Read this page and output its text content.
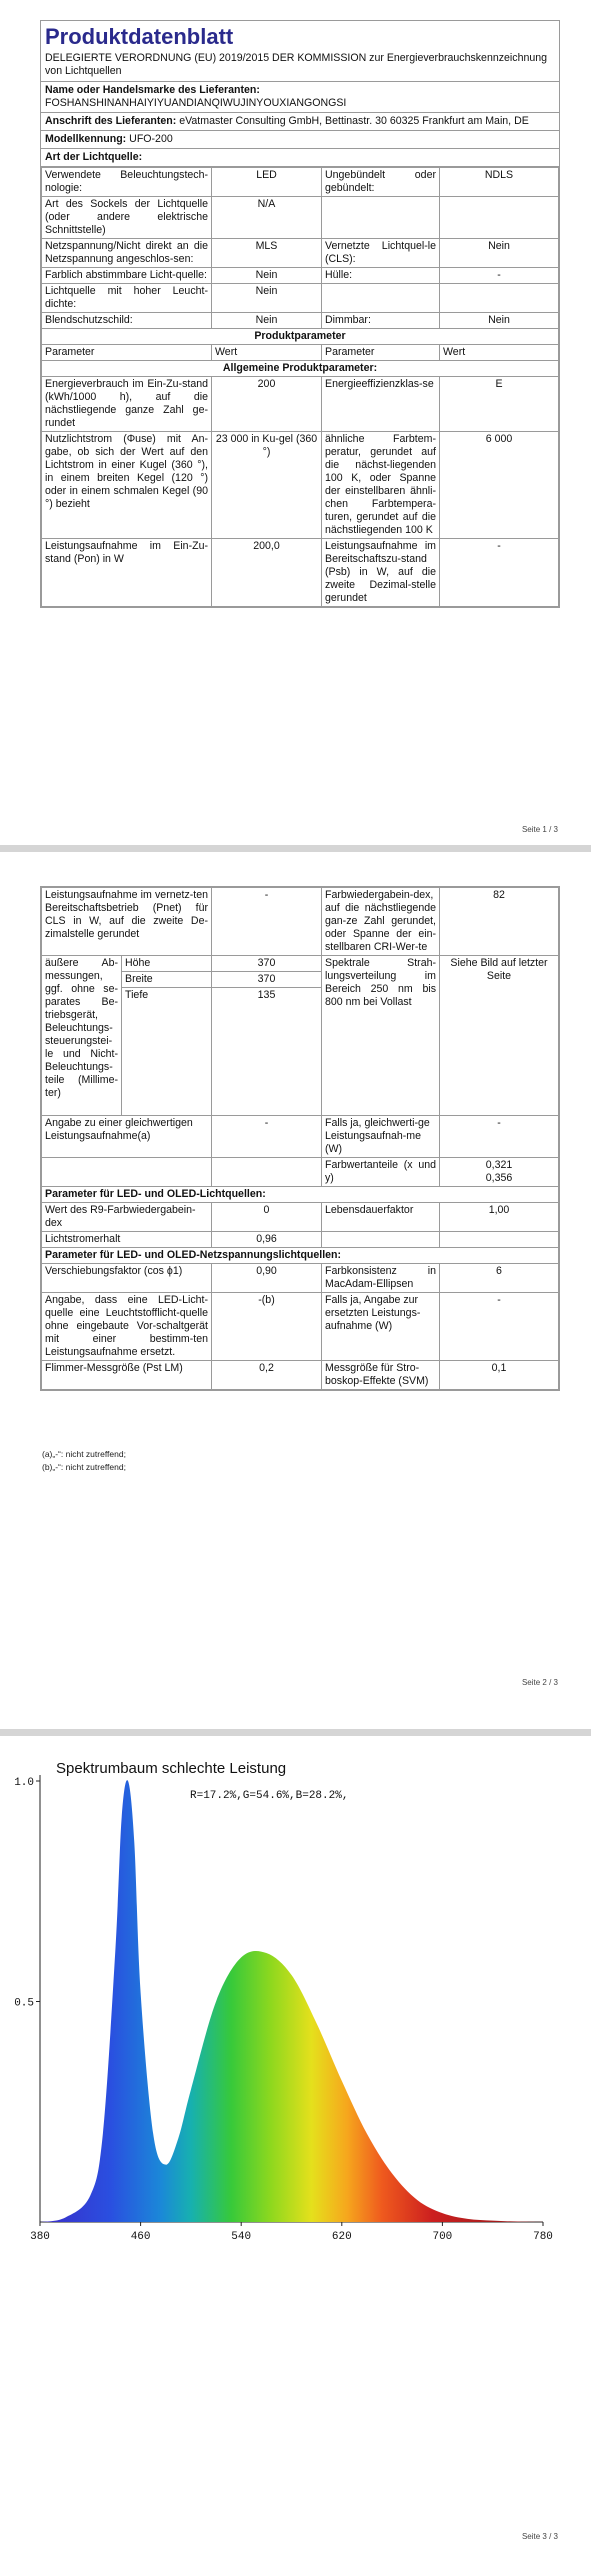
Produktdatenblatt
DELEGIERTE VERORDNUNG (EU) 2019/2015 DER KOMMISSION zur Energieverbrauchskennzeichnung von Lichtquellen
Name oder Handelsmarke des Lieferanten: FOSHANSHINANHAIYIYUANDIANQIWUJINYOUXIANGONGSI
Anschrift des Lieferanten: eVatmaster Consulting GmbH, Bettinastr. 30 60325 Frankfurt am Main, DE
Modellkennung: UFO-200
Art der Lichtquelle:
Verwendete Beleuchtungstech-nologie:	LED	Ungebündelt oder gebündelt:	NDLS
Art des Sockels der Lichtquelle (oder andere elektrische Schnittstelle)	N/A		
Netzspannung/Nicht direkt an die Netzspannung angeschlos-sen:	MLS	Vernetzte Lichtquel-le (CLS):	Nein
Farblich abstimmbare Licht-quelle:	Nein	Hülle:	-
Lichtquelle mit hoher Leucht-dichte:	Nein		
Blendschutzschild:	Nein	Dimmbar:	Nein
Produktparameter			
Parameter	Wert	Parameter	Wert
Allgemeine Produktparameter:			
Energieverbrauch im Ein-Zu-stand (kWh/1000 h), auf die nächstliegende ganze Zahl ge-rundet	200	Energieeffizienzklas-se	E
Nutzlichtstrom (Φuse) mit An-gabe, ob sich der Wert auf den Lichtstrom in einer Kugel (360 °), in einem breiten Kegel (120 °) oder in einem schmalen Kegel (90 °) bezieht	23 000 in Ku-gel (360 °)	ähnliche Farbtem-peratur, gerundet auf die nächst-liegenden 100 K, oder Spanne der einstellbaren ähnli-chen Farbtempera-turen, gerundet auf die nächstliegenden 100 K	6 000
Leistungsaufnahme im Ein-Zu-stand (Pon) in W	200,0	Leistungsaufnahme im Bereitschaftszu-stand (Psb) in W, auf die zweite Dezimal-stelle gerundet	-
Seite 1 / 3
Leistungsaufnahme im vernetz-ten Bereitschaftsbetrieb (Pnet) für CLS in W, auf die zweite De-zimalstelle gerundet		-	Farbwiedergabein-dex, auf die nächstliegende gan-ze Zahl gerundet, oder Spanne der ein-stellbaren CRI-Wer-te	82
äußere Ab-messungen, ggf. ohne se-parates Be-triebsgerät, Beleuchtungs-steuerungstei-le und Nicht-Beleuchtungs-teile (Millime-ter)	Höhe	370	Spektrale Strah-lungsverteilung im Bereich 250 nm bis 800 nm bei Vollast	Siehe Bild auf letzter Seite
	Breite	370		
	Tiefe	135		
Angabe zu einer gleichwertigen Leistungsaufnahme(a)		-	Falls ja, gleichwerti-ge Leistungsaufnah-me (W)	-
			Farbwertanteile (x und y)	0,321
0,356

Parameter für LED- und OLED-Lichtquellen:				
Wert des R9-Farbwiedergabein-dex		0	Lebensdauerfaktor	1,00
Lichtstromerhalt		0,96		
Parameter für LED- und OLED-Netzspannungslichtquellen:				
Verschiebungsfaktor (cos ϕ1)		0,90	Farbkonsistenz in MacAdam-Ellipsen	6
Angabe, dass eine LED-Licht-quelle eine Leuchtstofflicht-quelle ohne eingebaute Vor-schaltgerät mit einer bestimm-ten Leistungsaufnahme ersetzt.		-(b)	Falls ja, Angabe zur ersetzten Leistungs-aufnahme (W)	-
Flimmer-Messgröße (Pst LM)		0,2	Messgröße für Stro-boskop-Effekte (SVM)	0,1
(a)„-“: nicht zutreffend;
(b)„-“: nicht zutreffend;
Seite 2 / 3
Seite 3 / 3
Spektrumbaum schlechte Leistung
R=17.2%,G=54.6%,B=28.2%,
1.0
0.5
380	460	540	620	700	780
